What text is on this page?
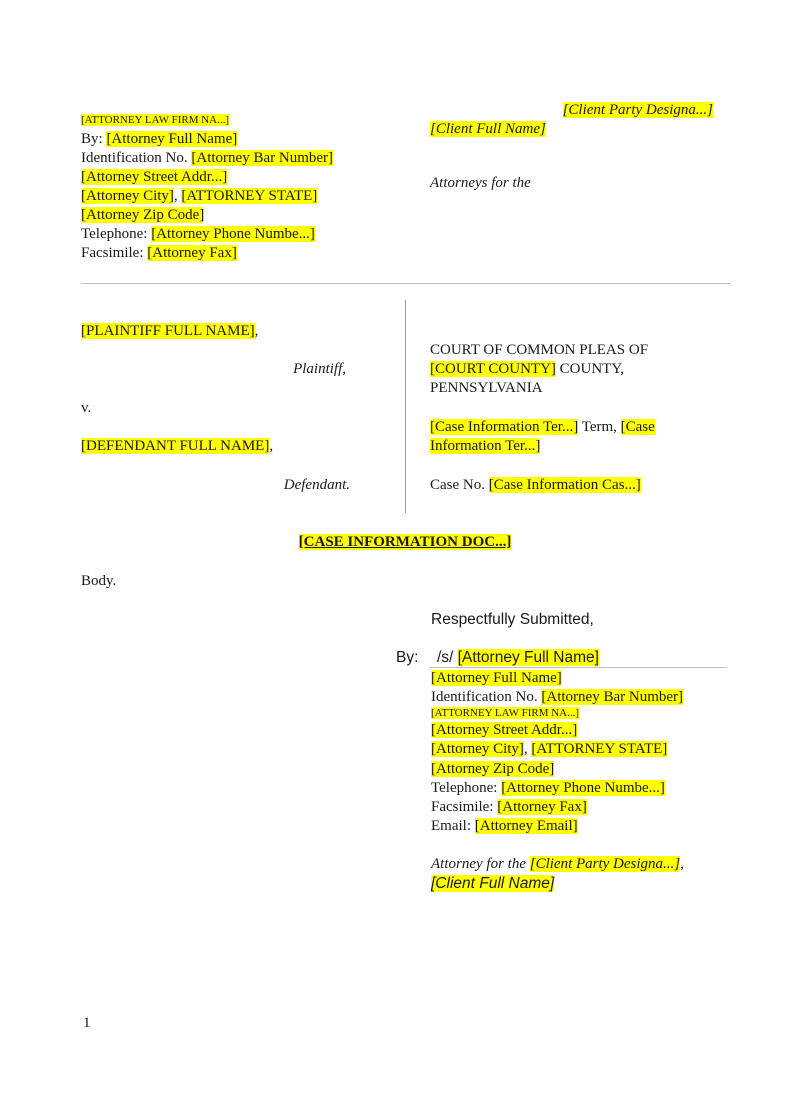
[ATTORNEY LAW FIRM NA...]
By: [Attorney Full Name]
Identification No. [Attorney Bar Number]
[Attorney Street Addr...]
[Attorney City], [ATTORNEY STATE]
[Attorney Zip Code]
Telephone: [Attorney Phone Numbe...]
Facsimile: [Attorney Fax]
[Client Party Designa...]
[Client Full Name]
Attorneys for the
[PLAINTIFF FULL NAME],
Plaintiff,
v.
[DEFENDANT FULL NAME],
Defendant.
COURT OF COMMON PLEAS OF
[COURT COUNTY] COUNTY,
PENNSYLVANIA
[Case Information Ter...] Term, [Case
Information Ter...]
Case No. [Case Information Cas...]
[CASE INFORMATION DOC...]
Body.
Respectfully Submitted,
By: /s/ [Attorney Full Name]
[Attorney Full Name]
Identification No. [Attorney Bar Number]
[ATTORNEY LAW FIRM NA...]
[Attorney Street Addr...]
[Attorney City], [ATTORNEY STATE]
[Attorney Zip Code]
Telephone: [Attorney Phone Numbe...]
Facsimile: [Attorney Fax]
Email: [Attorney Email]
Attorney for the [Client Party Designa...],
[Client Full Name]
1
